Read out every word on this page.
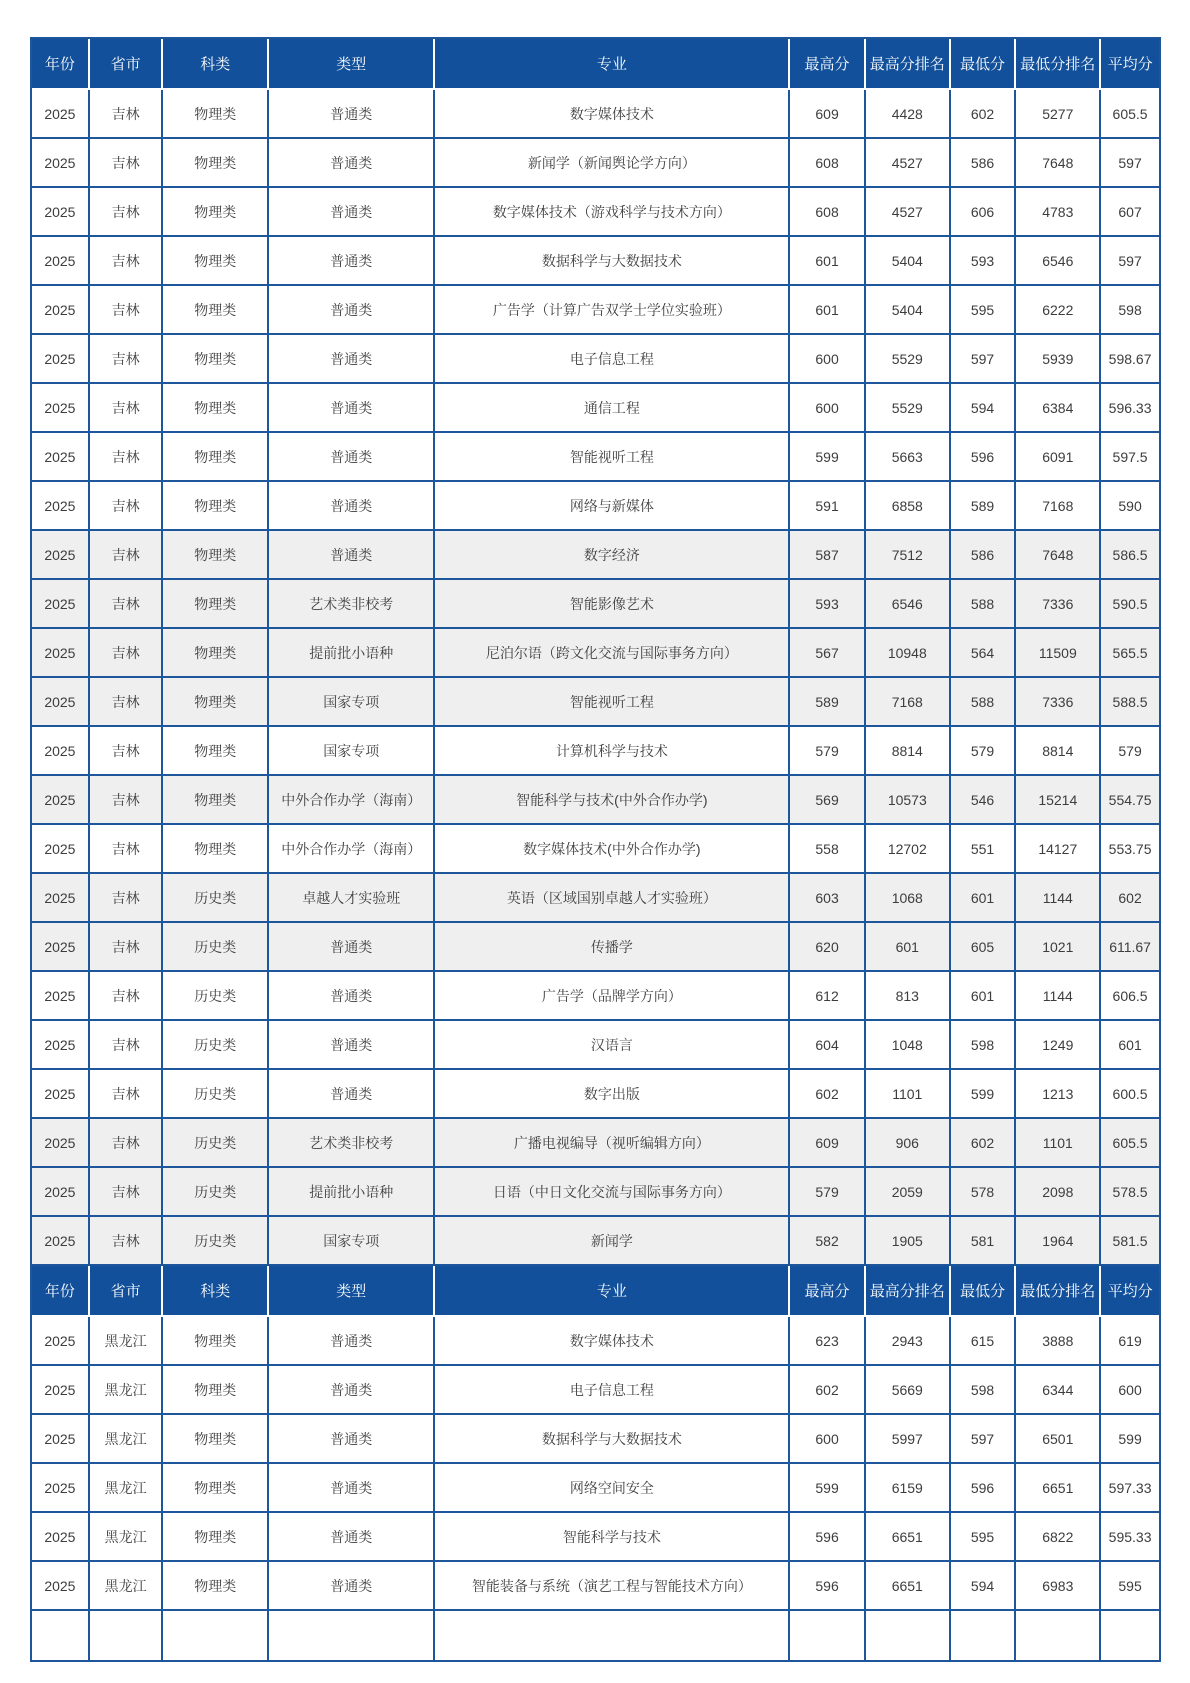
年份	省市	科类	类型	专业	最高分	最高分排名	最低分	最低分排名	平均分
2025	吉林	物理类	普通类	数字媒体技术	609	4428	602	5277	605.5
2025	吉林	物理类	普通类	新闻学（新闻舆论学方向）	608	4527	586	7648	597
2025	吉林	物理类	普通类	数字媒体技术（游戏科学与技术方向）	608	4527	606	4783	607
2025	吉林	物理类	普通类	数据科学与大数据技术	601	5404	593	6546	597
2025	吉林	物理类	普通类	广告学（计算广告双学士学位实验班）	601	5404	595	6222	598
2025	吉林	物理类	普通类	电子信息工程	600	5529	597	5939	598.67
2025	吉林	物理类	普通类	通信工程	600	5529	594	6384	596.33
2025	吉林	物理类	普通类	智能视听工程	599	5663	596	6091	597.5
2025	吉林	物理类	普通类	网络与新媒体	591	6858	589	7168	590
2025	吉林	物理类	普通类	数字经济	587	7512	586	7648	586.5
2025	吉林	物理类	艺术类非校考	智能影像艺术	593	6546	588	7336	590.5
2025	吉林	物理类	提前批小语种	尼泊尔语（跨文化交流与国际事务方向）	567	10948	564	11509	565.5
2025	吉林	物理类	国家专项	智能视听工程	589	7168	588	7336	588.5
2025	吉林	物理类	国家专项	计算机科学与技术	579	8814	579	8814	579
2025	吉林	物理类	中外合作办学（海南）	智能科学与技术(中外合作办学)	569	10573	546	15214	554.75
2025	吉林	物理类	中外合作办学（海南）	数字媒体技术(中外合作办学)	558	12702	551	14127	553.75
2025	吉林	历史类	卓越人才实验班	英语（区域国别卓越人才实验班）	603	1068	601	1144	602
2025	吉林	历史类	普通类	传播学	620	601	605	1021	611.67
2025	吉林	历史类	普通类	广告学（品牌学方向）	612	813	601	1144	606.5
2025	吉林	历史类	普通类	汉语言	604	1048	598	1249	601
2025	吉林	历史类	普通类	数字出版	602	1101	599	1213	600.5
2025	吉林	历史类	艺术类非校考	广播电视编导（视听编辑方向）	609	906	602	1101	605.5
2025	吉林	历史类	提前批小语种	日语（中日文化交流与国际事务方向）	579	2059	578	2098	578.5
2025	吉林	历史类	国家专项	新闻学	582	1905	581	1964	581.5
年份	省市	科类	类型	专业	最高分	最高分排名	最低分	最低分排名	平均分
2025	黑龙江	物理类	普通类	数字媒体技术	623	2943	615	3888	619
2025	黑龙江	物理类	普通类	电子信息工程	602	5669	598	6344	600
2025	黑龙江	物理类	普通类	数据科学与大数据技术	600	5997	597	6501	599
2025	黑龙江	物理类	普通类	网络空间安全	599	6159	596	6651	597.33
2025	黑龙江	物理类	普通类	智能科学与技术	596	6651	595	6822	595.33
2025	黑龙江	物理类	普通类	智能装备与系统（演艺工程与智能技术方向）	596	6651	594	6983	595
